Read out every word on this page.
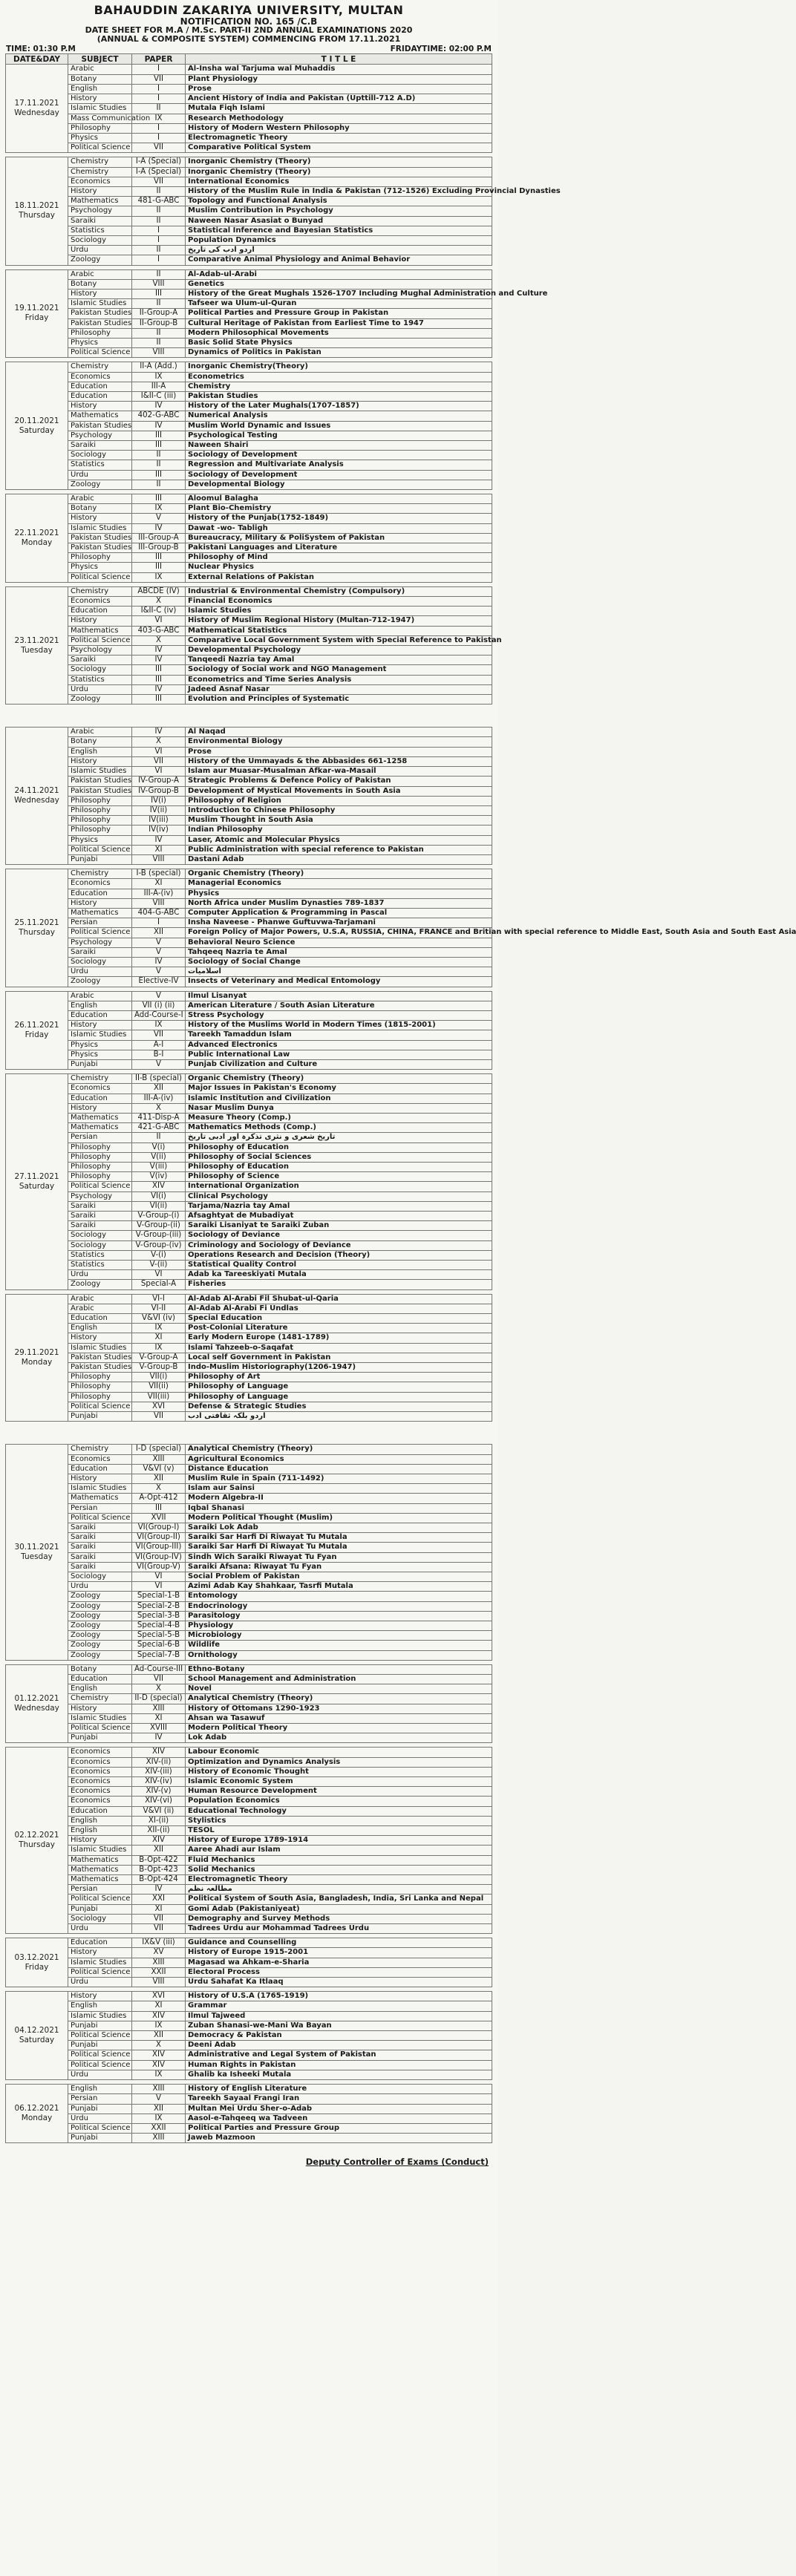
BAHAUDDIN ZAKARIYA UNIVERSITY, MULTAN
NOTIFICATION NO. 165 /C.B
DATE SHEET FOR M.A / M.Sc. PART-II 2ND ANNUAL EXAMINATIONS 2020
(ANNUAL & COMPOSITE SYSTEM) COMMENCING FROM 17.11.2021
TIME: 01:30 P.M	FRIDAYTIME: 02:00 P.M
DATE&DAY	SUBJECT	PAPER	T I T L E

17.11.2021
Wednesday	Arabic	I	Al-Insha wal Tarjuma wal Muhaddis
	Botany	VII	Plant Physiology
	English	I	Prose
	History	I	Ancient History of India and Pakistan (Upttill-712 A.D)
	Islamic Studies	II	Mutala Fiqh Islami
	Mass Communication	IX	Research Methodology
	Philosophy	I	History of Modern Western Philosophy
	Physics	I	Electromagnetic Theory
	Political Science	VII	Comparative Political System

18.11.2021
Thursday	Chemistry	I-A (Special)	Inorganic Chemistry (Theory)
	Chemistry	I-A (Special)	Inorganic Chemistry (Theory)
	Economics	VII	International Economics
	History	II	History of the Muslim Rule in India & Pakistan (712-1526) Excluding Provincial Dynasties
	Mathematics	481-G-ABC	Topology and Functional Analysis
	Psychology	II	Muslim Contribution in Psychology
	Saraiki	II	Naween Nasar Asasiat o Bunyad
	Statistics	I	Statistical Inference and Bayesian Statistics
	Sociology	I	Population Dynamics
	Urdu	II	اردو ادب کی تاریخ
	Zoology	I	Comparative Animal Physiology and Animal Behavior

19.11.2021
Friday	Arabic	II	Al-Adab-ul-Arabi
	Botany	VIII	Genetics
	History	III	History of the Great Mughals 1526-1707 Including Mughal Administration and Culture
	Islamic Studies	II	Tafseer wa Ulum-ul-Quran
	Pakistan Studies	II-Group-A	Political Parties and Pressure Group in Pakistan
	Pakistan Studies	II-Group-B	Cultural Heritage of Pakistan from Earliest Time to 1947
	Philosophy	II	Modern Philosophical Movements
	Physics	II	Basic Solid State Physics
	Political Science	VIII	Dynamics of Politics in Pakistan

20.11.2021
Saturday	Chemistry	II-A (Add.)	Inorganic Chemistry(Theory)
	Economics	IX	Econometrics
	Education	III-A	Chemistry
	Education	I&II-C (iii)	Pakistan Studies
	History	IV	History of the Later Mughals(1707-1857)
	Mathematics	402-G-ABC	Numerical Analysis
	Pakistan Studies	IV	Muslim World Dynamic and Issues
	Psychology	III	Psychological Testing
	Saraiki	III	Naween Shairi
	Sociology	II	Sociology of Development
	Statistics	II	Regression and Multivariate Analysis
	Urdu	III	Sociology of Development
	Zoology	II	Developmental Biology

22.11.2021
Monday	Arabic	III	Aloomul Balagha
	Botany	IX	Plant Bio-Chemistry
	History	V	History of the Punjab(1752-1849)
	Islamic Studies	IV	Dawat -wo- Tabligh
	Pakistan Studies	III-Group-A	Bureaucracy, Military & PoliSystem of Pakistan
	Pakistan Studies	III-Group-B	Pakistani Languages and Literature
	Philosophy	III	Philosophy of Mind
	Physics	III	Nuclear Physics
	Political Science	IX	External Relations of Pakistan

23.11.2021
Tuesday	Chemistry	ABCDE (IV)	Industrial & Environmental Chemistry (Compulsory)
	Economics	X	Financial Economics
	Education	I&II-C (iv)	Islamic Studies
	History	VI	History of Muslim Regional History (Multan-712-1947)
	Mathematics	403-G-ABC	Mathematical Statistics
	Political Science	X	Comparative Local Government System with Special Reference to Pakistan
	Psychology	IV	Developmental Psychology
	Saraiki	IV	Tanqeedi Nazria tay Amal
	Sociology	III	Sociology of Social work and NGO Management
	Statistics	III	Econometrics and Time Series Analysis
	Urdu	IV	Jadeed Asnaf Nasar
	Zoology	III	Evolution and Principles of Systematic
24.11.2021
Wednesday	Arabic	IV	Al Naqad
	Botany	X	Environmental Biology
	English	VI	Prose
	History	VII	History of the Ummayads & the Abbasides 661-1258
	Islamic Studies	VI	Islam aur Muasar-Musalman Afkar-wa-Masail
	Pakistan Studies	IV-Group-A	Strategic Problems & Defence Policy of Pakistan
	Pakistan Studies	IV-Group-B	Development of Mystical Movements in South Asia
	Philosophy	IV(i)	Philosophy of Religion
	Philosophy	IV(ii)	Introduction to Chinese Philosophy
	Philosophy	IV(iii)	Muslim Thought in South Asia
	Philosophy	IV(iv)	Indian Philosophy
	Physics	IV	Laser, Atomic and Molecular Physics
	Political Science	XI	Public Administration with special reference to Pakistan
	Punjabi	VIII	Dastani Adab

25.11.2021
Thursday	Chemistry	I-B (special)	Organic Chemistry (Theory)
	Economics	XI	Managerial Economics
	Education	III-A-(iv)	Physics
	History	VIII	North Africa under Muslim Dynasties 789-1837
	Mathematics	404-G-ABC	Computer Application & Programming in Pascal
	Persian	I	Insha Naveese - Phanwe Guftuvwa-Tarjamani
	Political Science	XII	Foreign Policy of Major Powers, U.S.A, RUSSIA, CHINA, FRANCE and Britian with special reference to Middle East, South Asia and South East Asia
	Psychology	V	Behavioral Neuro Science
	Saraiki	V	Tahqeeq Nazria te Amal
	Sociology	IV	Sociology of Social Change
	Urdu	V	اسلامیات
	Zoology	Elective-IV	Insects of Veterinary and Medical Entomology

26.11.2021
Friday	Arabic	V	Ilmul Lisanyat
	English	VII (i) (ii)	American Literature / South Asian Literature
	Education	Add-Course-I	Stress Psychology
	History	IX	History of the Muslims World in Modern Times (1815-2001)
	Islamic Studies	VII	Tareekh Tamaddun Islam
	Physics	A-I	Advanced Electronics
	Physics	B-I	Public International Law
	Punjabi	V	Punjab Civilization and Culture

27.11.2021
Saturday	Chemistry	II-B (special)	Organic Chemistry (Theory)
	Economics	XII	Major Issues in Pakistan's Economy
	Education	III-A-(iv)	Islamic Institution and Civilization
	History	X	Nasar Muslim Dunya
	Mathematics	411-Disp-A	Measure Theory (Comp.)
	Mathematics	421-G-ABC	Mathematics Methods (Comp.)
	Persian	II	تاریخ شعری و نثری تذکرہ اور ادبی تاریخ
	Philosophy	V(i)	Philosophy of Education
	Philosophy	V(ii)	Philosophy of Social Sciences
	Philosophy	V(iii)	Philosophy of Education
	Philosophy	V(iv)	Philosophy of Science
	Political Science	XIV	International Organization
	Psychology	VI(i)	Clinical Psychology
	Saraiki	VI(ii)	Tarjama/Nazria tay Amal
	Saraiki	V-Group-(i)	Afsaghtyat de Mubadiyat
	Saraiki	V-Group-(ii)	Saraiki Lisaniyat te Saraiki Zuban
	Sociology	V-Group-(iii)	Sociology of Deviance
	Sociology	V-Group-(iv)	Criminology and Sociology of Deviance
	Statistics	V-(i)	Operations Research and Decision (Theory)
	Statistics	V-(ii)	Statistical Quality Control
	Urdu	VI	Adab ka Tareeskiyati Mutala
	Zoology	Special-A	Fisheries

29.11.2021
Monday	Arabic	VI-I	Al-Adab Al-Arabi Fil Shubat-ul-Qaria
	Arabic	VI-II	Al-Adab Al-Arabi Fi Undlas
	Education	V&VI (iv)	Special Education
	English	IX	Post-Colonial Literature
	History	XI	Early Modern Europe (1481-1789)
	Islamic Studies	IX	Islami Tahzeeb-o-Saqafat
	Pakistan Studies	V-Group-A	Local self Government in Pakistan
	Pakistan Studies	V-Group-B	Indo-Muslim Historiography(1206-1947)
	Philosophy	VII(i)	Philosophy of Art
	Philosophy	VII(ii)	Philosophy of Language
	Philosophy	VII(iii)	Philosophy of Language
	Political Science	XVI	Defense & Strategic Studies
	Punjabi	VII	اردو بلکہ ثقافتی ادب
30.11.2021
Tuesday	Chemistry	I-D (special)	Analytical Chemistry (Theory)
	Economics	XIII	Agricultural Economics
	Education	V&VI (v)	Distance Education
	History	XII	Muslim Rule in Spain (711-1492)
	Islamic Studies	X	Islam aur Sainsi
	Mathematics	A-Opt-412	Modern Algebra-II
	Persian	III	Iqbal Shanasi
	Political Science	XVII	Modern Political Thought (Muslim)
	Saraiki	VI(Group-I)	Saraiki Lok Adab
	Saraiki	VI(Group-II)	Saraiki Sar Harfi Di Riwayat Tu Mutala
	Saraiki	VI(Group-III)	Saraiki Sar Harfi Di Riwayat Tu Mutala
	Saraiki	VI(Group-IV)	Sindh Wich Saraiki Riwayat Tu Fyan
	Saraiki	VI(Group-V)	Saraiki Afsana: Riwayat Tu Fyan
	Sociology	VI	Social Problem of Pakistan
	Urdu	VI	Azimi Adab Kay Shahkaar, Tasrfi Mutala
	Zoology	Special-1-B	Entomology
	Zoology	Special-2-B	Endocrinology
	Zoology	Special-3-B	Parasitology
	Zoology	Special-4-B	Physiology
	Zoology	Special-5-B	Microbiology
	Zoology	Special-6-B	Wildlife
	Zoology	Special-7-B	Ornithology

01.12.2021
Wednesday	Botany	Ad-Course-III	Ethno-Botany
	Education	VII	School Management and Administration
	English	X	Novel
	Chemistry	II-D (special)	Analytical Chemistry (Theory)
	History	XIII	History of Ottomans 1290-1923
	Islamic Studies	XI	Ahsan wa Tasawuf
	Political Science	XVIII	Modern Political Theory
	Punjabi	IV	Lok Adab

02.12.2021
Thursday	Economics	XIV	Labour Economic
	Economics	XIV-(ii)	Optimization and Dynamics Analysis
	Economics	XIV-(iii)	History of Economic Thought
	Economics	XIV-(iv)	Islamic Economic System
	Economics	XIV-(v)	Human Resource Development
	Economics	XIV-(vi)	Population Economics
	Education	V&VI (ii)	Educational Technology
	English	XI-(ii)	Stylistics
	English	XII-(ii)	TESOL
	History	XIV	History of Europe 1789-1914
	Islamic Studies	XII	Aaree Ahadi aur Islam
	Mathematics	B-Opt-422	Fluid Mechanics
	Mathematics	B-Opt-423	Solid Mechanics
	Mathematics	B-Opt-424	Electromagnetic Theory
	Persian	IV	مطالعہ نظم
	Political Science	XXI	Political System of South Asia, Bangladesh, India, Sri Lanka and Nepal
	Punjabi	XI	Gomi Adab (Pakistaniyeat)
	Sociology	VII	Demography and Survey Methods
	Urdu	VII	Tadrees Urdu aur Mohammad Tadrees Urdu

03.12.2021
Friday	Education	IX&V (iii)	Guidance and Counselling
	History	XV	History of Europe 1915-2001
	Islamic Studies	XIII	Magasad wa Ahkam-e-Sharia
	Political Science	XXII	Electoral Process
	Urdu	VIII	Urdu Sahafat Ka Itlaaq

04.12.2021
Saturday	History	XVI	History of U.S.A (1765-1919)
	English	XI	Grammar
	Islamic Studies	XIV	Ilmul Tajweed
	Punjabi	IX	Zuban Shanasi-we-Mani Wa Bayan
	Political Science	XII	Democracy & Pakistan
	Punjabi	X	Deeni Adab
	Political Science	XIV	Administrative and Legal System of Pakistan
	Political Science	XIV	Human Rights in Pakistan
	Urdu	IX	Ghalib ka Isheeki Mutala

06.12.2021
Monday	English	XIII	History of English Literature
	Persian	V	Tareekh Sayaal Frangi Iran
	Punjabi	XII	Multan Mei Urdu Sher-o-Adab
	Urdu	IX	Aasol-e-Tahqeeq wa Tadveen
	Political Science	XXII	Political Parties and Pressure Group
	Punjabi	XIII	Jaweb Mazmoon
Deputy Controller of Exams (Conduct)
